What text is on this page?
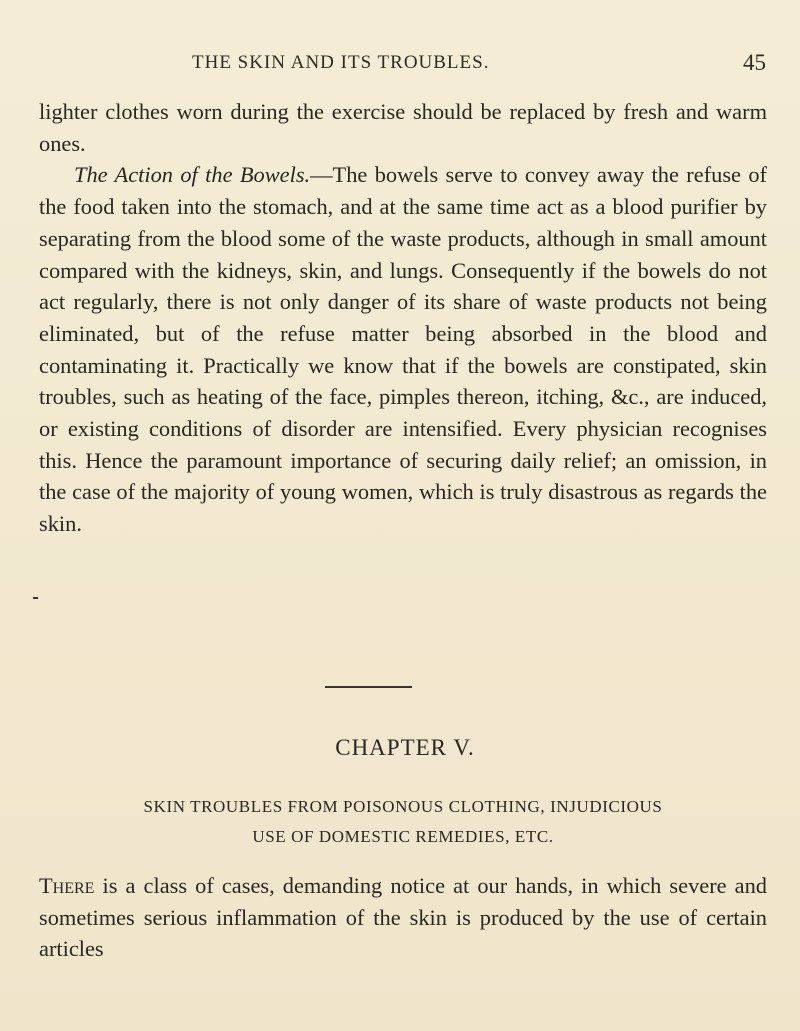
THE SKIN AND ITS TROUBLES.	45

lighter clothes worn during the exercise should be replaced by fresh and warm ones.

The Action of the Bowels.—The bowels serve to convey away the refuse of the food taken into the stomach, and at the same time act as a blood purifier by separating from the blood some of the waste products, although in small amount compared with the kidneys, skin, and lungs. Consequently if the bowels do not act regularly, there is not only danger of its share of waste products not being eliminated, but of the refuse matter being absorbed in the blood and contaminating it. Practically we know that if the bowels are constipated, skin troubles, such as heating of the face, pimples thereon, itching, &c., are induced, or existing conditions of disorder are intensified. Every physician recognises this. Hence the paramount importance of securing daily relief; an omission, in the case of the majority of young women, which is truly disastrous as regards the skin.

CHAPTER V.
SKIN TROUBLES FROM POISONOUS CLOTHING, INJUDICIOUS
USE OF DOMESTIC REMEDIES, ETC.

There is a class of cases, demanding notice at our hands, in which severe and sometimes serious inflammation of the skin is produced by the use of certain articles
